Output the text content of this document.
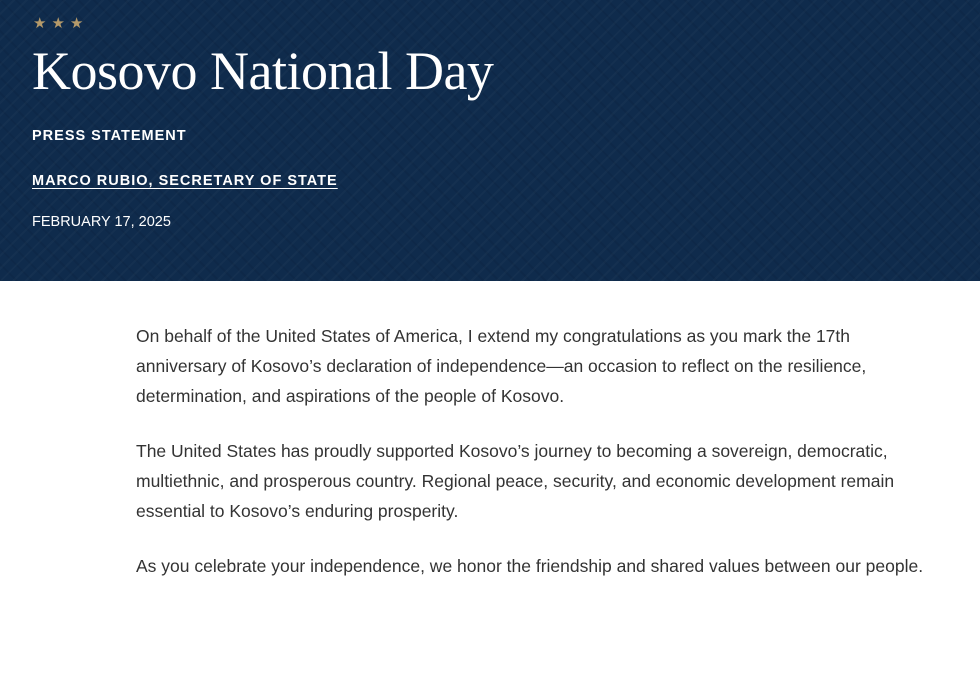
★★★
Kosovo National Day
PRESS STATEMENT
MARCO RUBIO, SECRETARY OF STATE
FEBRUARY 17, 2025

On behalf of the United States of America, I extend my congratulations as you mark the 17th anniversary of Kosovo’s declaration of independence—an occasion to reflect on the resilience, determination, and aspirations of the people of Kosovo.

The United States has proudly supported Kosovo’s journey to becoming a sovereign, democratic, multiethnic, and prosperous country. Regional peace, security, and economic development remain essential to Kosovo’s enduring prosperity.

As you celebrate your independence, we honor the friendship and shared values between our people.
